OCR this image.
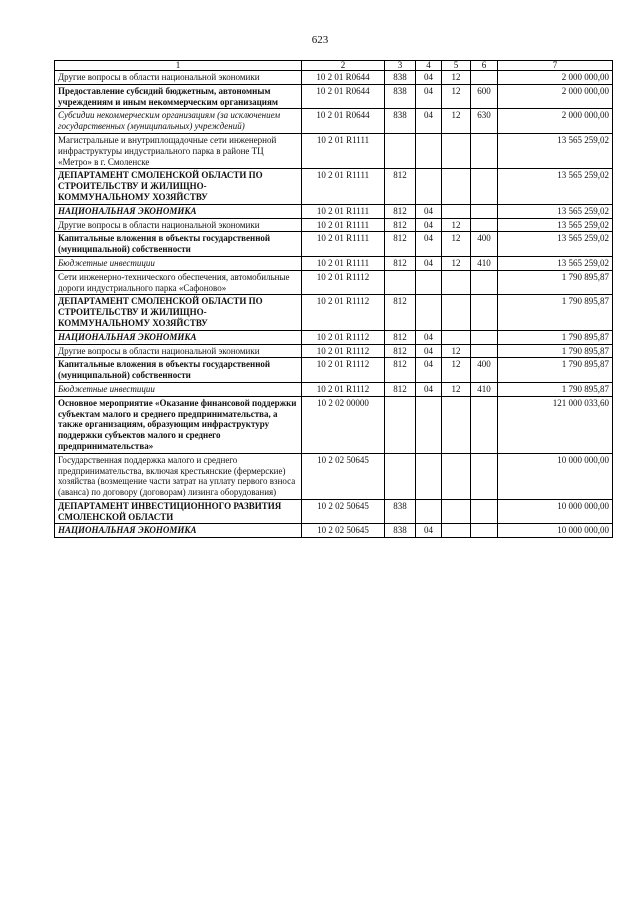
623
1	2	3	4	5	6	7
Другие вопросы в области национальной экономики	10 2 01 R0644	838	04	12		2 000 000,00
Предоставление субсидий бюджетным, автономным учреждениям и иным некоммерческим организациям	10 2 01 R0644	838	04	12	600	2 000 000,00
Субсидии некоммерческим организациям (за исключением государственных (муниципальных) учреждений)	10 2 01 R0644	838	04	12	630	2 000 000,00
Магистральные и внутриплощадочные сети инженерной инфраструктуры индустриального парка в районе ТЦ «Метро» в г. Смоленске	10 2 01 R1111					13 565 259,02
ДЕПАРТАМЕНТ СМОЛЕНСКОЙ ОБЛАСТИ ПО СТРОИТЕЛЬСТВУ И ЖИЛИЩНО-КОММУНАЛЬНОМУ ХОЗЯЙСТВУ	10 2 01 R1111	812				13 565 259,02
НАЦИОНАЛЬНАЯ ЭКОНОМИКА	10 2 01 R1111	812	04			13 565 259,02
Другие вопросы в области национальной экономики	10 2 01 R1111	812	04	12		13 565 259,02
Капитальные вложения в объекты государственной (муниципальной) собственности	10 2 01 R1111	812	04	12	400	13 565 259,02
Бюджетные инвестиции	10 2 01 R1111	812	04	12	410	13 565 259,02
Сети инженерно-технического обеспечения, автомобильные дороги индустриального парка «Сафоново»	10 2 01 R1112					1 790 895,87
ДЕПАРТАМЕНТ СМОЛЕНСКОЙ ОБЛАСТИ ПО СТРОИТЕЛЬСТВУ И ЖИЛИЩНО-КОММУНАЛЬНОМУ ХОЗЯЙСТВУ	10 2 01 R1112	812				1 790 895,87
НАЦИОНАЛЬНАЯ ЭКОНОМИКА	10 2 01 R1112	812	04			1 790 895,87
Другие вопросы в области национальной экономики	10 2 01 R1112	812	04	12		1 790 895,87
Капитальные вложения в объекты государственной (муниципальной) собственности	10 2 01 R1112	812	04	12	400	1 790 895,87
Бюджетные инвестиции	10 2 01 R1112	812	04	12	410	1 790 895,87
Основное мероприятие «Оказание финансовой поддержки субъектам малого и среднего предпринимательства, а также организациям, образующим инфраструктуру поддержки субъектов малого и среднего предпринимательства»	10 2 02 00000					121 000 033,60
Государственная поддержка малого и среднего предпринимательства, включая крестьянские (фермерские) хозяйства (возмещение части затрат на уплату первого взноса (аванса) по договору (договорам) лизинга оборудования)	10 2 02 50645					10 000 000,00
ДЕПАРТАМЕНТ ИНВЕСТИЦИОННОГО РАЗВИТИЯ СМОЛЕНСКОЙ ОБЛАСТИ	10 2 02 50645	838				10 000 000,00
НАЦИОНАЛЬНАЯ ЭКОНОМИКА	10 2 02 50645	838	04			10 000 000,00
